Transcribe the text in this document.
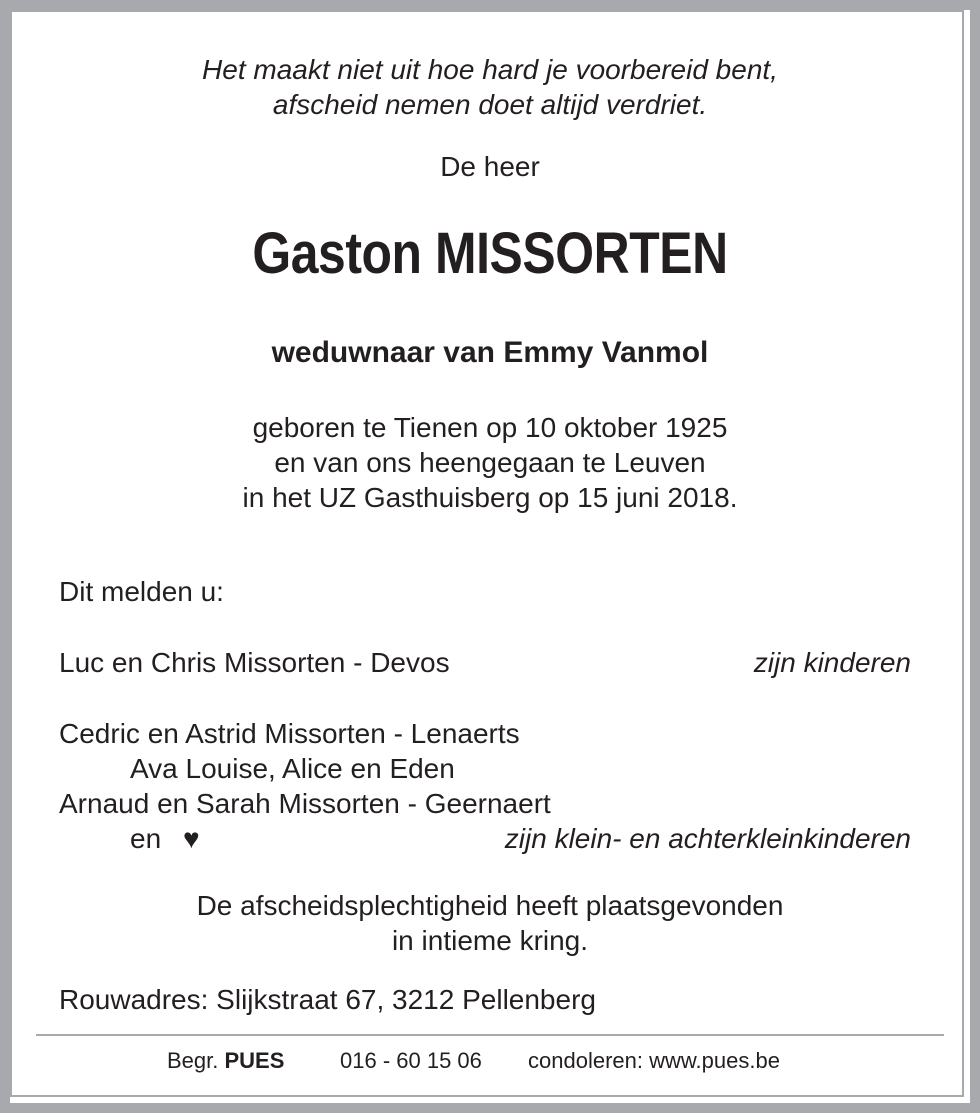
Het maakt niet uit hoe hard je voorbereid bent,
afscheid nemen doet altijd verdriet.
De heer
Gaston MISSORTEN
weduwnaar van Emmy Vanmol
geboren te Tienen op 10 oktober 1925
en van ons heengegaan te Leuven
in het UZ Gasthuisberg op 15 juni 2018.
Dit melden u:
Luc en Chris Missorten - Devos	zijn kinderen
Cedric en Astrid Missorten - Lenaerts
Ava Louise, Alice en Eden
Arnaud en Sarah Missorten - Geernaert
en ♥	zijn klein- en achterkleinkinderen
De afscheidsplechtigheid heeft plaatsgevonden
in intieme kring.
Rouwadres: Slijkstraat 67, 3212 Pellenberg
Begr. PUES	016 - 60 15 06 condoleren: www.pues.be
